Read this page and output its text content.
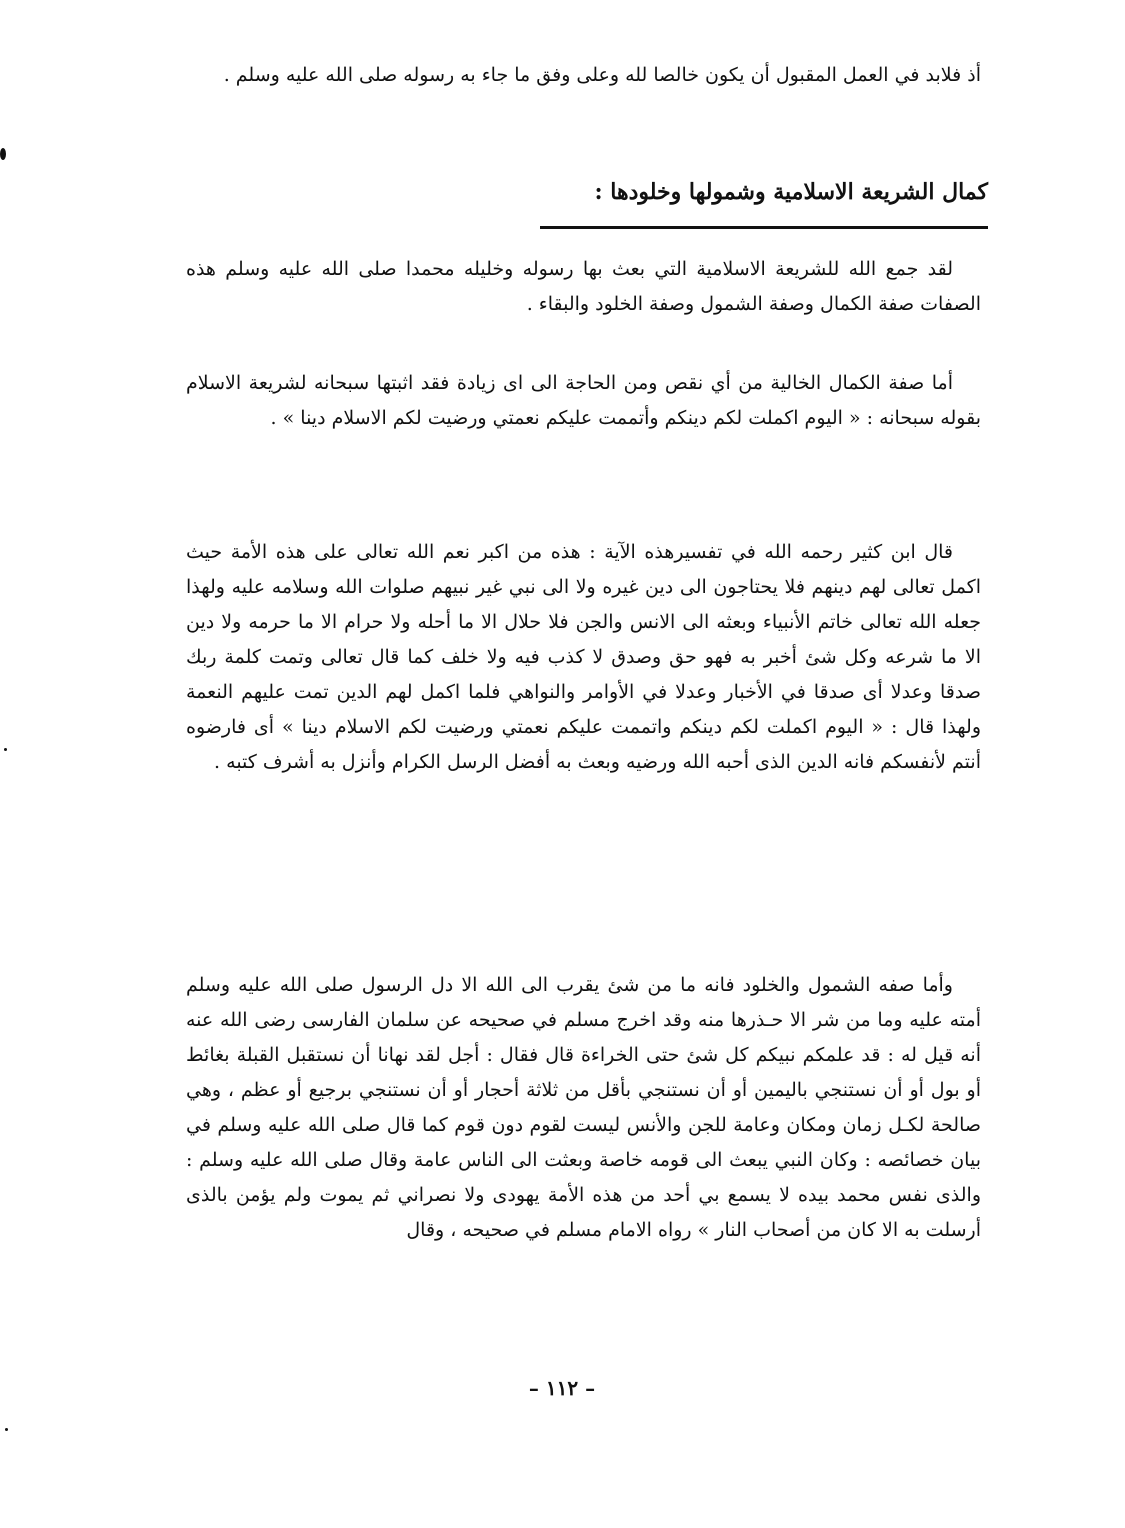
أذ فلابد في العمل المقبول أن يكون خالصا لله وعلى وفق ما جاء به رسوله صلى الله عليه وسلم .

كمال الشريعة الاسلامية وشمولها وخلودها :

لقد جمع الله للشريعة الاسلامية التي بعث بها رسوله وخليله محمدا صلى الله عليه وسلم هذه الصفات صفة الكمال وصفة الشمول وصفة الخلود والبقاء .

أما صفة الكمال الخالية من أي نقص ومن الحاجة الى اى زيادة فقد اثبتها سبحانه لشريعة الاسلام بقوله سبحانه : « اليوم اكملت لكم دينكم وأتممت عليكم نعمتي ورضيت لكم الاسلام دينا » .

قال ابن كثير رحمه الله في تفسيرهذه الآية : هذه من اكبر نعم الله تعالى على هذه الأمة حيث اكمل تعالى لهم دينهم فلا يحتاجون الى دين غيره ولا الى نبي غير نبيهم صلوات الله وسلامه عليه ولهذا جعله الله تعالى خاتم الأنبياء وبعثه الى الانس والجن فلا حلال الا ما أحله ولا حرام الا ما حرمه ولا دين الا ما شرعه وكل شئ أخبر به فهو حق وصدق لا كذب فيه ولا خلف كما قال تعالى وتمت كلمة ربك صدقا وعدلا أى صدقا في الأخبار وعدلا في الأوامر والنواهي فلما اكمل لهم الدين تمت عليهم النعمة ولهذا قال : « اليوم اكملت لكم دينكم واتممت عليكم نعمتي ورضيت لكم الاسلام دينا » أى فارضوه أنتم لأنفسكم فانه الدين الذى أحبه الله ورضيه وبعث به أفضل الرسل الكرام وأنزل به أشرف كتبه .

وأما صفه الشمول والخلود فانه ما من شئ يقرب الى الله الا دل الرسول صلى الله عليه وسلم أمته عليه وما من شر الا حـذرها منه وقد اخرج مسلم في صحيحه عن سلمان الفارسى رضى الله عنه أنه قيل له : قد علمكم نبيكم كل شئ حتى الخراءة قال فقال : أجل لقد نهانا أن نستقبل القبلة بغائط أو بول أو أن نستنجي باليمين أو أن نستنجي بأقل من ثلاثة أحجار أو أن نستنجي برجيع أو عظم ، وهي صالحة لكـل زمان ومكان وعامة للجن والأنس ليست لقوم دون قوم كما قال صلى الله عليه وسلم في بيان خصائصه : وكان النبي يبعث الى قومه خاصة وبعثت الى الناس عامة وقال صلى الله عليه وسلم : والذى نفس محمد بيده لا يسمع بي أحد من هذه الأمة يهودى ولا نصراني ثم يموت ولم يؤمن بالذى أرسلت به الا كان من أصحاب النار » رواه الامام مسلم في صحيحه ، وقال

– ١١٢ –
